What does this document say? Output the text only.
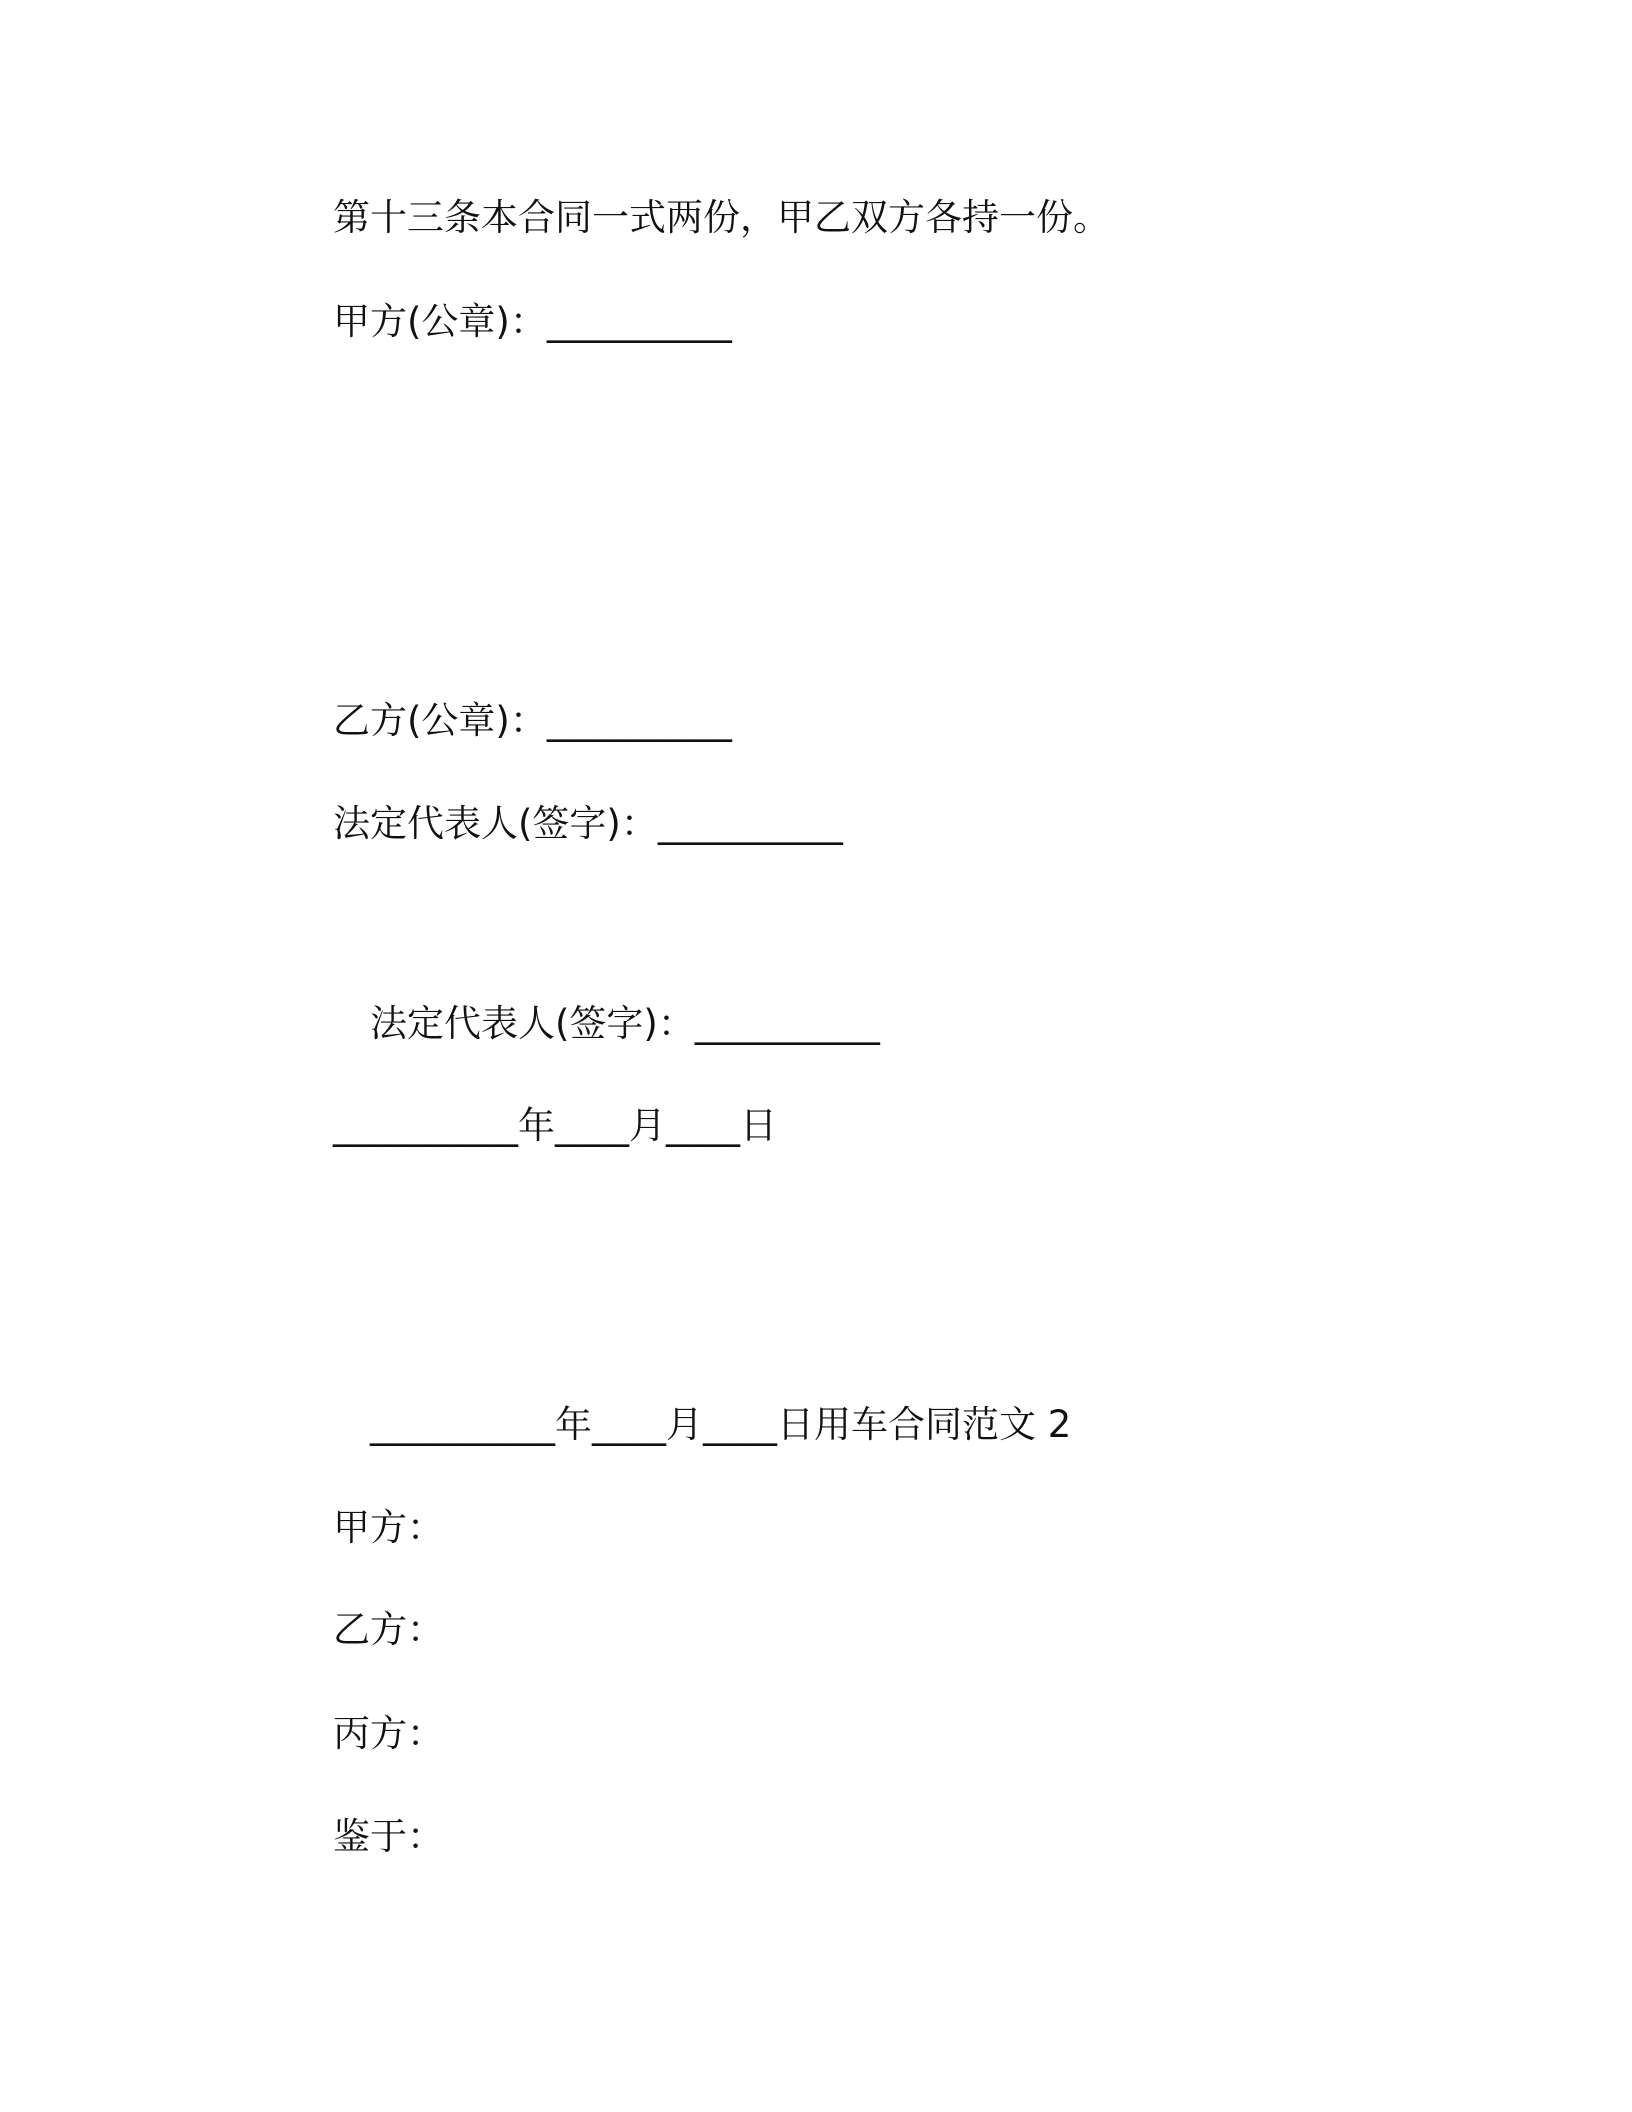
第十三条本合同一式两份，甲乙双方各持一份。
甲方(公章)：__________
乙方(公章)：__________
法定代表人(签字)：__________
法定代表人(签字)：__________
__________年____月____日
__________年____月____日用车合同范文 2
甲方：
乙方：
丙方：
鉴于：
